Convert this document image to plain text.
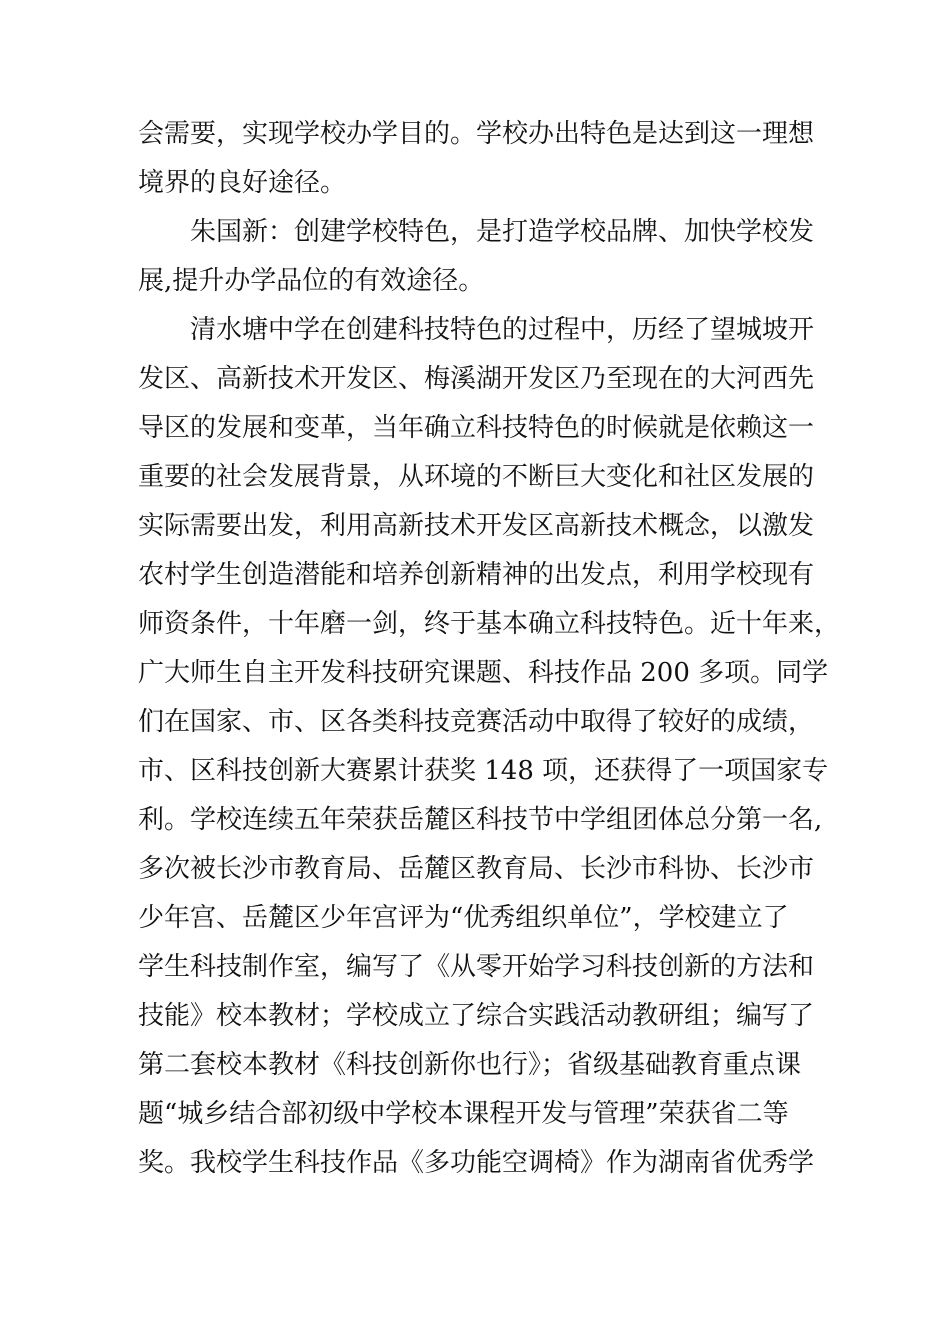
会需要，实现学校办学目的。学校办出特色是达到这一理想
境界的良好途径。
　　朱国新：创建学校特色，是打造学校品牌、加快学校发
展,提升办学品位的有效途径。
　　清水塘中学在创建科技特色的过程中，历经了望城坡开
发区、高新技术开发区、梅溪湖开发区乃至现在的大河西先
导区的发展和变革，当年确立科技特色的时候就是依赖这一
重要的社会发展背景，从环境的不断巨大变化和社区发展的
实际需要出发，利用高新技术开发区高新技术概念，以激发
农村学生创造潜能和培养创新精神的出发点，利用学校现有
师资条件，十年磨一剑，终于基本确立科技特色。近十年来，
广大师生自主开发科技研究课题、科技作品 200 多项。同学
们在国家、市、区各类科技竞赛活动中取得了较好的成绩，
市、区科技创新大赛累计获奖 148 项，还获得了一项国家专
利。学校连续五年荣获岳麓区科技节中学组团体总分第一名,
多次被长沙市教育局、岳麓区教育局、长沙市科协、长沙市
少年宫、岳麓区少年宫评为“优秀组织单位”，学校建立了
学生科技制作室，编写了《从零开始学习科技创新的方法和
技能》校本教材；学校成立了综合实践活动教研组；编写了
第二套校本教材《科技创新你也行》；省级基础教育重点课
题“城乡结合部初级中学校本课程开发与管理”荣获省二等
奖。我校学生科技作品《多功能空调椅》作为湖南省优秀学
